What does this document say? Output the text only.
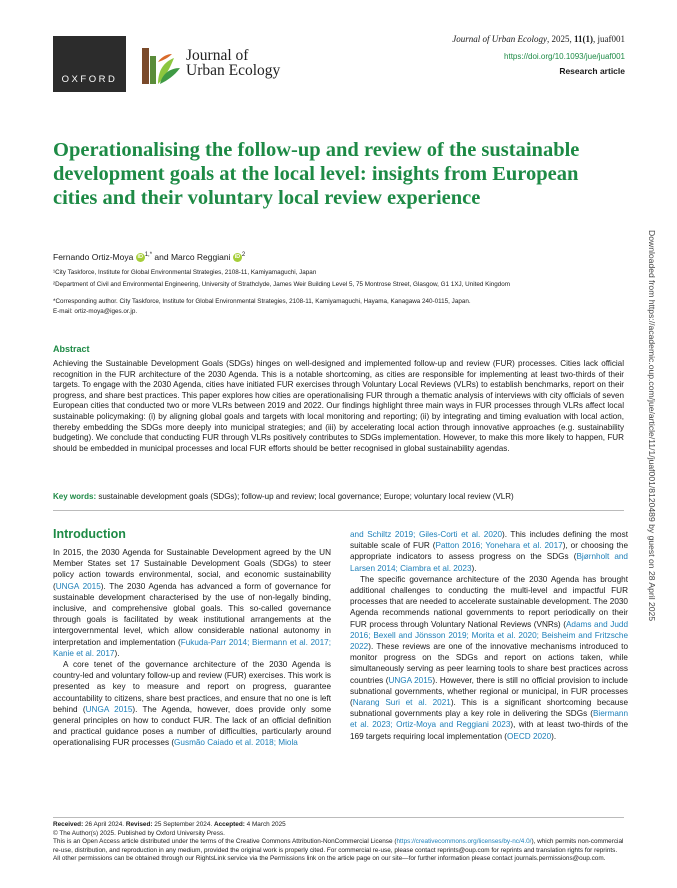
OXFORD
Journal of
Urban Ecology
Journal of Urban Ecology, 2025, 11(1), juaf001
https://doi.org/10.1093/jue/juaf001
Research article
Operationalising the follow-up and review of the sustainable development goals at the local level: insights from European cities and their voluntary local review experience
Fernando Ortiz-Moya iD $^{1,*}$ and Marco Reggiani iD $^2$
¹City Taskforce, Institute for Global Environmental Strategies, 2108-11, Kamiyamaguchi, Japan
²Department of Civil and Environmental Engineering, University of Strathclyde, James Weir Building Level 5, 75 Montrose Street, Glasgow, G1 1XJ, United Kingdom
*Corresponding author. City Taskforce, Institute for Global Environmental Strategies, 2108-11, Kamiyamaguchi, Hayama, Kanagawa 240-0115, Japan.
E-mail: ortiz-moya@iges.or.jp.
Abstract
Achieving the Sustainable Development Goals (SDGs) hinges on well-designed and implemented follow-up and review (FUR) processes. Cities lack official recognition in the FUR architecture of the 2030 Agenda. This is a notable shortcoming, as cities are responsible for implementing at least two-thirds of their targets. To engage with the 2030 Agenda, cities have initiated FUR exercises through Voluntary Local Reviews (VLRs) to establish benchmarks, report on their progress, and share best practices. This paper explores how cities are operationalising FUR through a thematic analysis of interviews with city officials of seven European cities that conducted two or more VLRs between 2019 and 2022. Our findings highlight three main ways in FUR processes through VLRs affect local sustainable policymaking: (i) by aligning global goals and targets with local monitoring and reporting; (ii) by integrating and timing evaluation with local action, thereby embedding the SDGs more deeply into municipal strategies; and (iii) by accelerating local action through innovative approaches (e.g. sustainability budgeting). We conclude that conducting FUR through VLRs positively contributes to SDGs implementation. However, to make this more likely to happen, FUR should be embedded in municipal processes and local FUR efforts should be better recognised in global sustainability agendas.
Key words: sustainable development goals (SDGs); follow-up and review; local governance; Europe; voluntary local review (VLR)
Introduction

In 2015, the 2030 Agenda for Sustainable Development agreed by the UN Member States set 17 Sustainable Development Goals (SDGs) to steer policy action towards environmental, social, and economic sustainability (UNGA 2015). The 2030 Agenda has advanced a form of governance for sustainable development characterised by the use of non-legally binding, inclusive, and comprehensive global goals. This so-called governance through goals is facilitated by weak institutional arrangements at the intergovernmental level, which allow considerable national autonomy in interpretation and implementation (Fukuda-Parr 2014; Biermann et al. 2017; Kanie et al. 2017).

A core tenet of the governance architecture of the 2030 Agenda is country-led and voluntary follow-up and review (FUR) exercises. This work is presented as key to measure and report on progress, guarantee accountability to citizens, share best practices, and ensure that no one is left behind (UNGA 2015). The Agenda, however, does provide only some general principles on how to conduct FUR. The lack of an official definition and practical guidance poses a number of difficulties, particularly around operationalising FUR processes (Gusmão Caiado et al. 2018; Miola

and Schiltz 2019; Giles-Corti et al. 2020). This includes defining the most suitable scale of FUR (Patton 2016; Yonehara et al. 2017), or choosing the appropriate indicators to assess progress on the SDGs (Bjørnholt and Larsen 2014; Ciambra et al. 2023).

The specific governance architecture of the 2030 Agenda has brought additional challenges to conducting the multi-level and impactful FUR processes that are needed to accelerate sustainable development. The 2030 Agenda recommends national governments to report periodically on their FUR process through Voluntary National Reviews (VNRs) (Adams and Judd 2016; Bexell and Jönsson 2019; Morita et al. 2020; Beisheim and Fritzsche 2022). These reviews are one of the innovative mechanisms introduced to monitor progress on the SDGs and report on actions taken, while simultaneously serving as peer learning tools to share best practices across countries (UNGA 2015). However, there is still no official provision to include subnational governments, whether regional or municipal, in FUR processes (Narang Suri et al. 2021). This is a significant shortcoming because subnational governments play a key role in delivering the SDGs (Biermann et al. 2023; Ortiz-Moya and Reggiani 2023), with at least two-thirds of the 169 targets requiring local implementation (OECD 2020).

Received: 26 April 2024. Revised: 25 September 2024. Accepted: 4 March 2025
© The Author(s) 2025. Published by Oxford University Press.
This is an Open Access article distributed under the terms of the Creative Commons Attribution-NonCommercial License (https://creativecommons.org/licenses/by-nc/4.0/), which permits non-commercial re-use, distribution, and reproduction in any medium, provided the original work is properly cited. For commercial re-use, please contact reprints@oup.com for reprints and translation rights for reprints. All other permissions can be obtained through our RightsLink service via the Permissions link on the article page on our site—for further information please contact journals.permissions@oup.com.
Downloaded from https://academic.oup.com/jue/article/11/1/juaf001/8120489 by guest on 28 April 2025
